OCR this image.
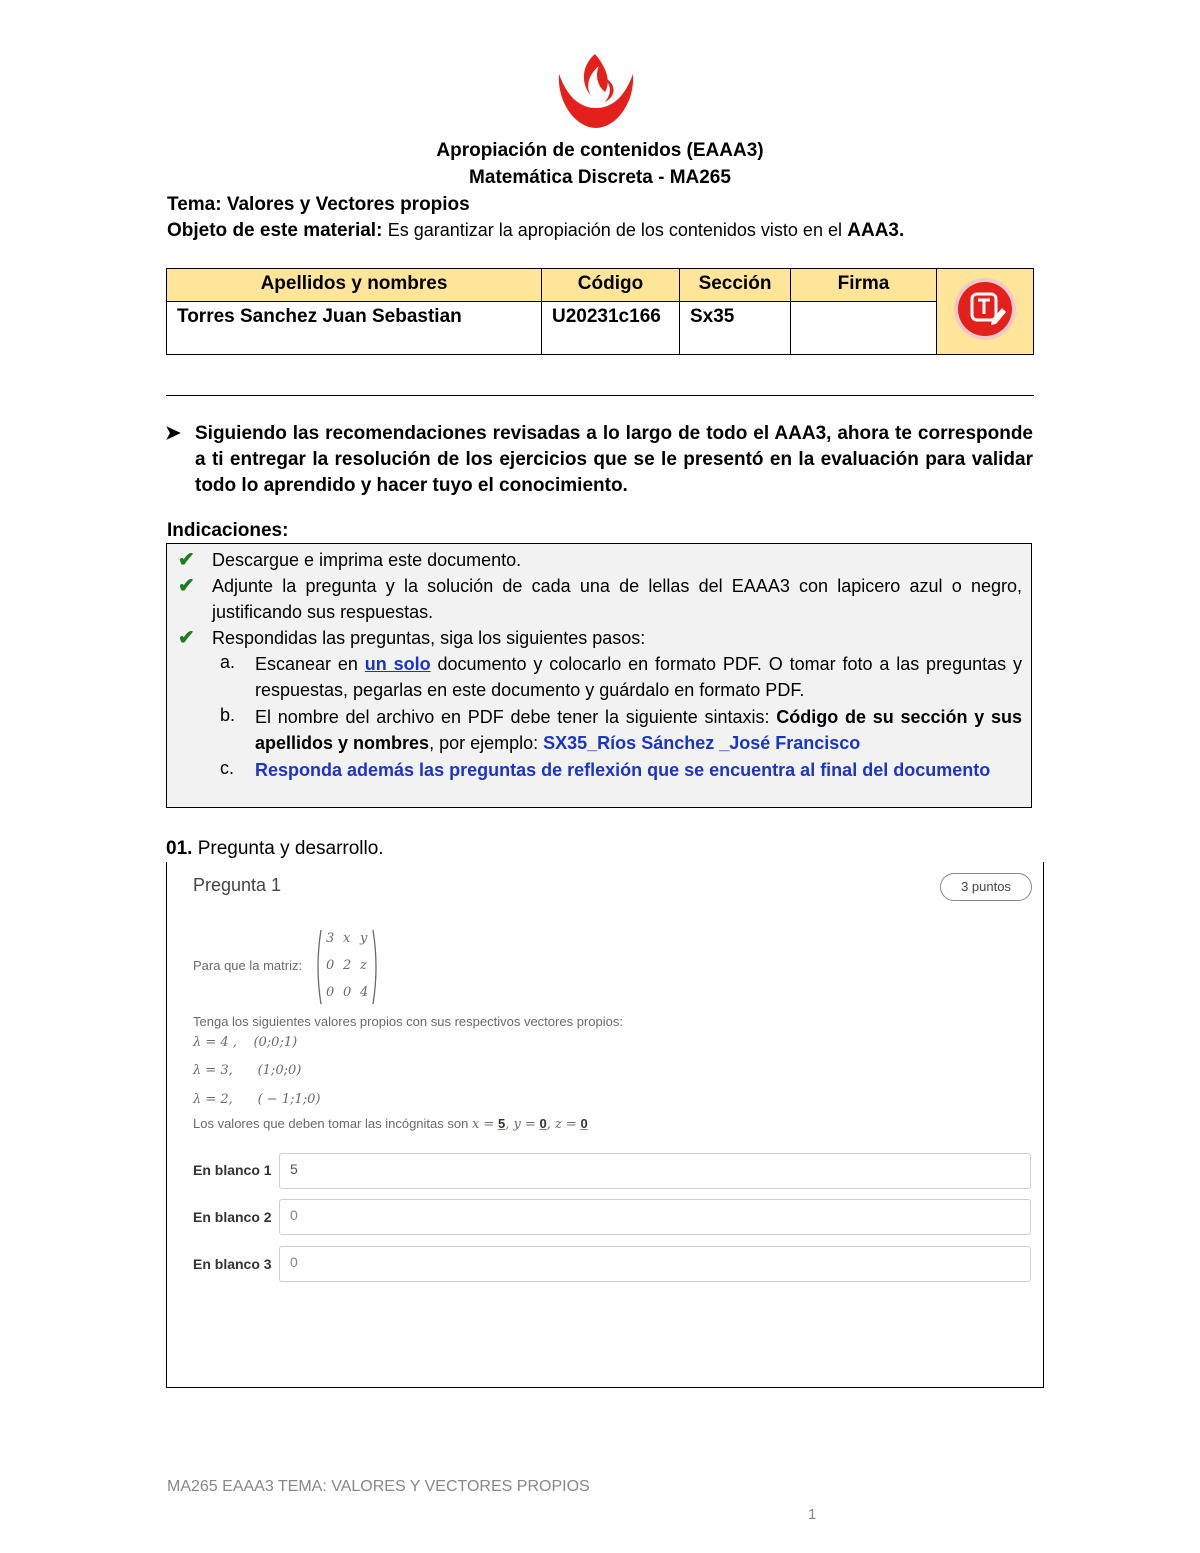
Apropiación de contenidos (EAAA3)
Matemática Discreta - MA265
Tema: Valores y Vectores propios
Objeto de este material: Es garantizar la apropiación de los contenidos visto en el AAA3.
Apellidos y nombres	Código	Sección	Firma	
Torres Sanchez Juan Sebastian	U20231c166	Sx35		
➤ Siguiendo las recomendaciones revisadas a lo largo de todo el AAA3, ahora te corresponde a ti entregar la resolución de los ejercicios que se le presentó en la evaluación para validar todo lo aprendido y hacer tuyo el conocimiento.
Indicaciones:
✔ Descargue e imprima este documento.
✔ Adjunte la pregunta y la solución de cada una de lellas del EAAA3 con lapicero azul o negro, justificando sus respuestas.
✔ Respondidas las preguntas, siga los siguientes pasos:
a. Escanear en un solo documento y colocarlo en formato PDF. O tomar foto a las preguntas y respuestas, pegarlas en este documento y guárdalo en formato PDF.
b. El nombre del archivo en PDF debe tener la siguiente sintaxis: Código de su sección y sus apellidos y nombres, por ejemplo: SX35_Ríos Sánchez _José Francisco
c. Responda además las preguntas de reflexión que se encuentra al final del documento
01. Pregunta y desarrollo.
Pregunta 1	3 puntos
Para que la matriz:
3 x y
0 2 z
0 0 4
Tenga los siguientes valores propios con sus respectivos vectores propios:
λ = 4 ,    (0;0;1)
λ = 3,      (1;0;0)
λ = 2,      ( − 1;1;0)
Los valores que deben tomar las incógnitas son x = 5, y = 0, z = 0
En blanco 1	5
En blanco 2	0
En blanco 3	0
MA265 EAAA3 TEMA: VALORES Y VECTORES PROPIOS
1
